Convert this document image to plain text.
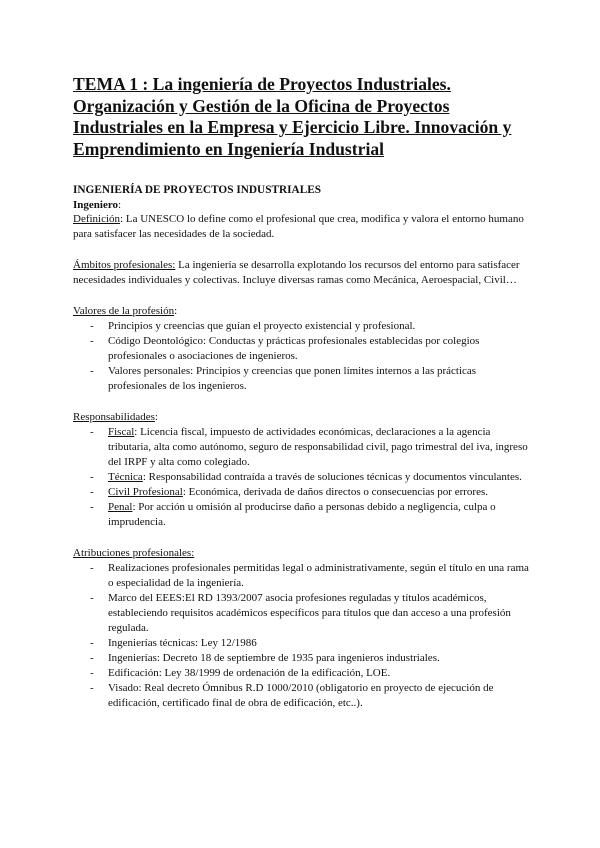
TEMA 1 : La ingeniería de Proyectos Industriales. Organización y Gestión de la Oficina de Proyectos Industriales en la Empresa y Ejercicio Libre. Innovación y Emprendimiento en Ingeniería Industrial
INGENIERÍA DE PROYECTOS INDUSTRIALES
Ingeniero:

Definición: La UNESCO lo define como el profesional que crea, modifica y valora el entorno humano para satisfacer las necesidades de la sociedad.

Ámbitos profesionales: La ingeniería se desarrolla explotando los recursos del entorno para satisfacer necesidades individuales y colectivas. Incluye diversas ramas como Mecánica, Aeroespacial, Civil…

Valores de la profesión:

- Principios y creencias que guían el proyecto existencial y profesional.
- Código Deontológico: Conductas y prácticas profesionales establecidas por colegios profesionales o asociaciones de ingenieros.
- Valores personales: Principios y creencias que ponen límites internos a las prácticas profesionales de los ingenieros.

Responsabilidades:

- Fiscal: Licencia fiscal, impuesto de actividades económicas, declaraciones a la agencia tributaria, alta como autónomo, seguro de responsabilidad civil, pago trimestral del iva, ingreso del IRPF y alta como colegiado.
- Técnica: Responsabilidad contraída a través de soluciones técnicas y documentos vinculantes.
- Civil Profesional: Económica, derivada de daños directos o consecuencias por errores.
- Penal: Por acción u omisión al producirse daño a personas debido a negligencia, culpa o imprudencia.

Atribuciones profesionales:

- Realizaciones profesionales permitidas legal o administrativamente, según el título en una rama o especialidad de la ingeniería.
- Marco del EEES:El RD 1393/2007 asocia profesiones reguladas y títulos académicos, estableciendo requisitos académicos específicos para títulos que dan acceso a una profesión regulada.
- Ingenierías técnicas: Ley 12/1986
- Ingenierías: Decreto 18 de septiembre de 1935 para ingenieros industriales.
- Edificación: Ley 38/1999 de ordenación de la edificación, LOE.
- Visado: Real decreto Ómnibus R.D 1000/2010 (obligatorio en proyecto de ejecución de edificación, certificado final de obra de edificación, etc..).
